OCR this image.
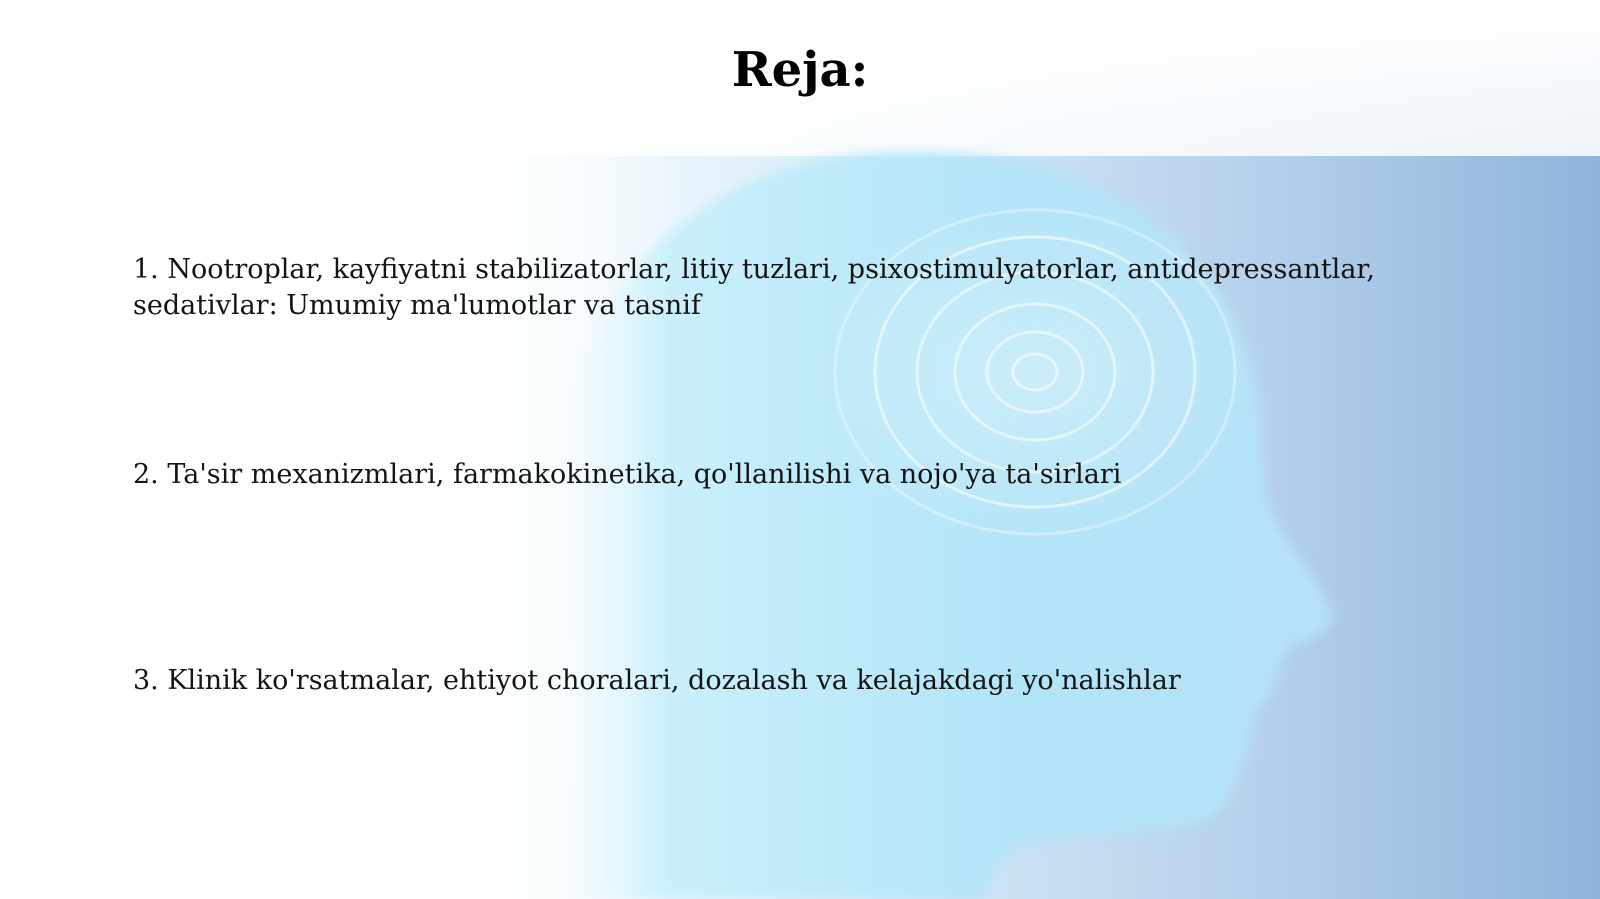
Reja:
1. Nootroplar, kayfiyatni stabilizatorlar, litiy tuzlari, psixostimulyatorlar, antidepressantlar, sedativlar: Umumiy ma'lumotlar va tasnif
2. Ta'sir mexanizmlari, farmakokinetika, qo'llanilishi va nojo'ya ta'sirlari
3. Klinik ko'rsatmalar, ehtiyot choralari, dozalash va kelajakdagi yo'nalishlar
